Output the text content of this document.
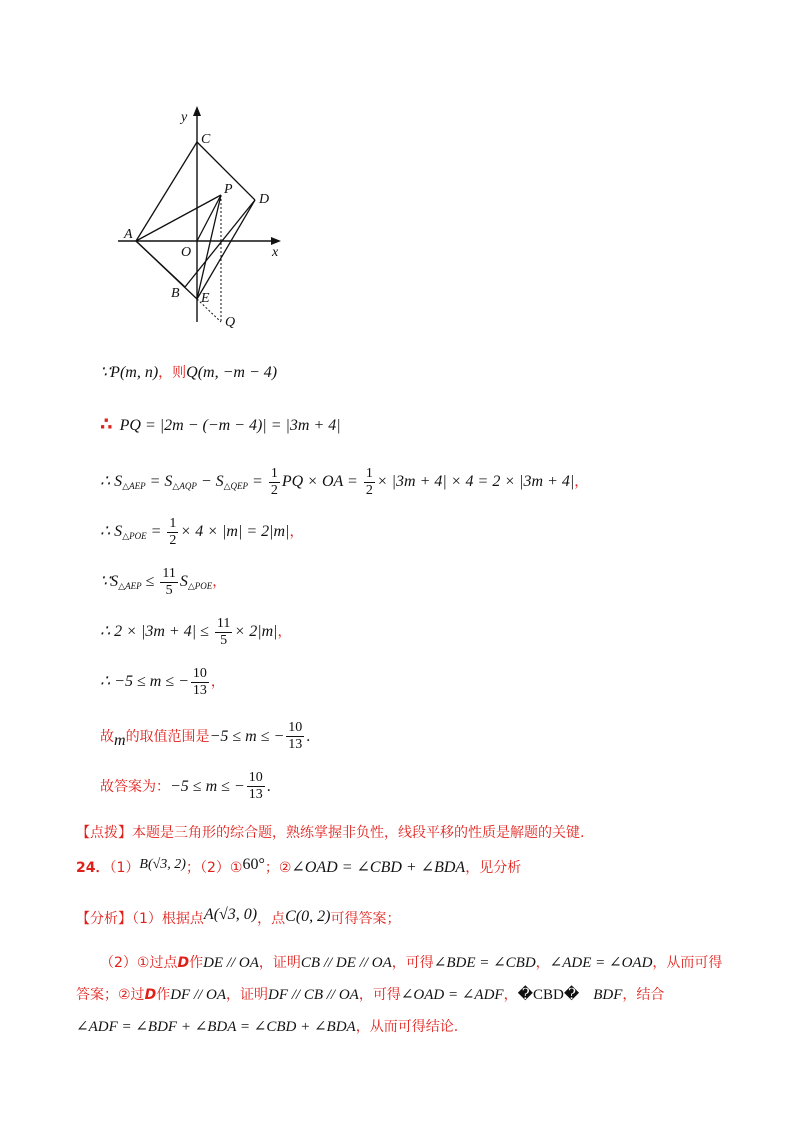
y
C
P
D
A
O	x
B E
Q
∵P(m, n)，则Q(m, −m − 4)
∴ PQ = |2m − (−m − 4)| = |3m + 4|
∴ $S_{\triangle AEP} = S_{\triangle AQP} - S_{\triangle QEP} = \frac{1}{2}$ PQ × OA = $\frac{1}{2} \times |3m + 4| \times 4 = 2 \times |3m + 4|$，
∴ $S_{\triangle POE} = \frac{1}{2} \times 4 \times |m| = 2|m|$，
$\because S_{\triangle AEP} \le \frac{11}{5} S_{\triangle POE}$，
∴ $2 \times |3m + 4| \le \frac{11}{5} \times 2|m|$，
∴ −5 ≤ m ≤ − $\frac{10}{13}$ ，
故m的取值范围是−5 ≤ m ≤ − $\frac{10}{13}$ .
故答案为：−5 ≤ m ≤ − $\frac{10}{13}$ .
【点拨】本题是三角形的综合题，熟练掌握非负性，线段平移的性质是解题的关键.
24．（1）B(√3, 2)；（2）①60°；②∠OAD = ∠CBD + ∠BDA，见分析
【分析】（1）根据点A(√3, 0)，点C(0, 2)可得答案；
（2）①过点D作DE // OA，证明CB // DE // OA，可得∠BDE = ∠CBD，∠ADE = ∠OAD，从而可得
答案；②过D作DF // OA，证明DF // CB // OA，可得∠OAD = ∠ADF，�CBD� BDF，结合
∠ADF = ∠BDF + ∠BDA = ∠CBD + ∠BDA，从而可得结论.
